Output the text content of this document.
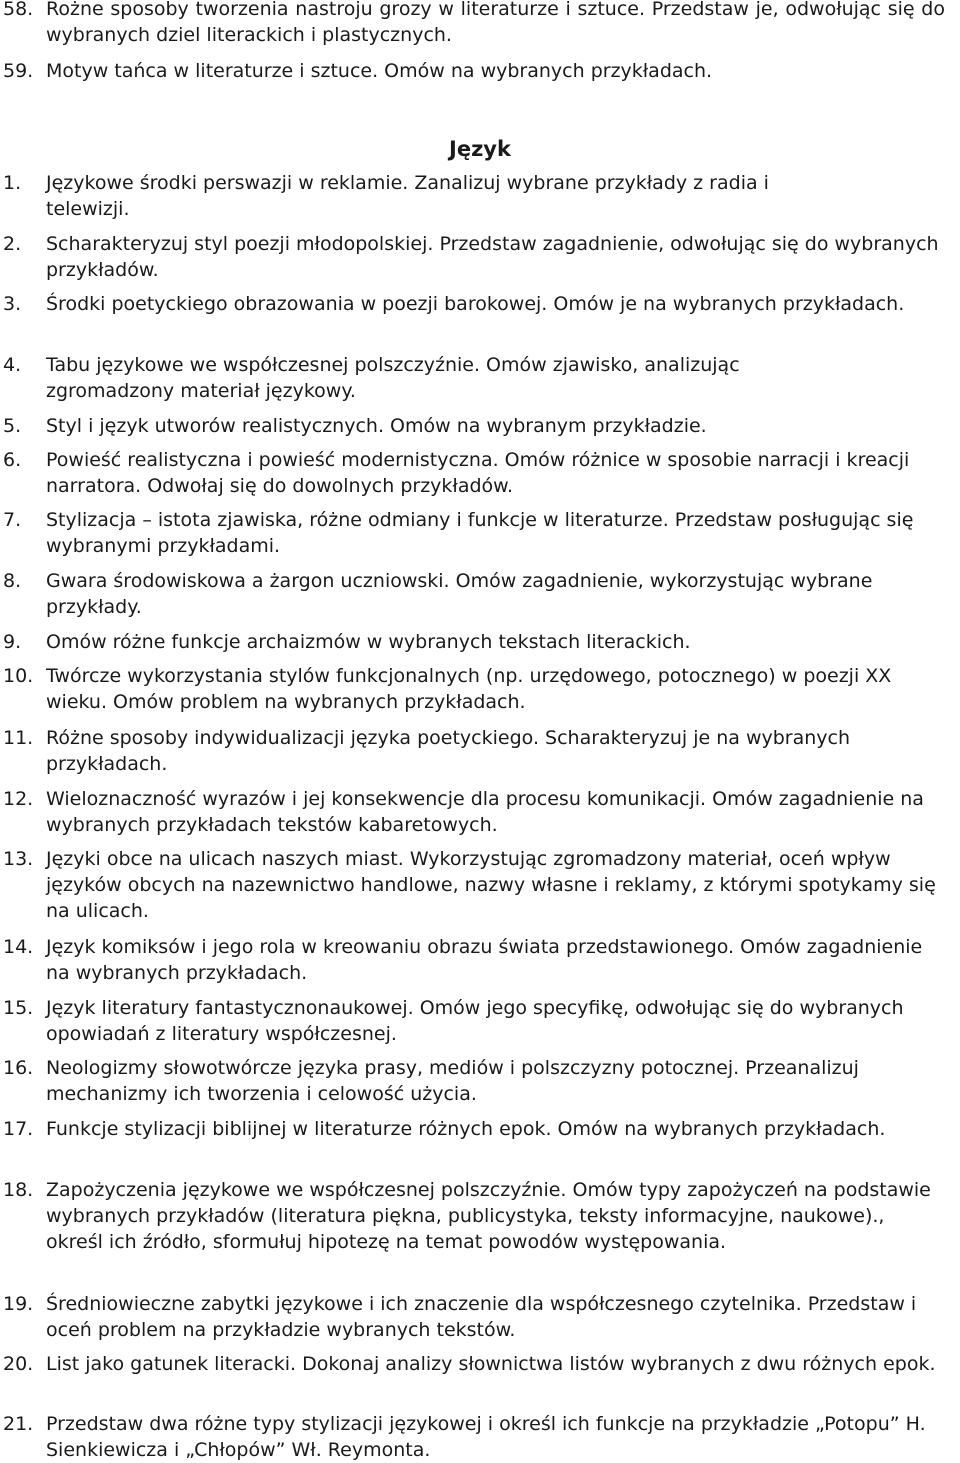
58. Rożne sposoby tworzenia nastroju grozy w literaturze i sztuce. Przedstaw je, odwołując się do wybranych dziel literackich i plastycznych.
59. Motyw tańca w literaturze i sztuce. Omów na wybranych przykładach.
Język
1. Językowe środki perswazji w reklamie. Zanalizuj wybrane przykłady z radia i telewizji.
2. Scharakteryzuj styl poezji młodopolskiej. Przedstaw zagadnienie, odwołując się do wybranych przykładów.
3. Środki poetyckiego obrazowania w poezji barokowej. Omów je na wybranych przykładach.
4. Tabu językowe we współczesnej polszczyźnie. Omów zjawisko, analizując zgromadzony materiał językowy.
5. Styl i język utworów realistycznych. Omów na wybranym przykładzie.
6. Powieść realistyczna i powieść modernistyczna. Omów różnice w sposobie narracji i kreacji narratora. Odwołaj się do dowolnych przykładów.
7. Stylizacja – istota zjawiska, różne odmiany i funkcje w literaturze. Przedstaw posługując się wybranymi przykładami.
8. Gwara środowiskowa a żargon uczniowski. Omów zagadnienie, wykorzystując wybrane przykłady.
9. Omów różne funkcje archaizmów w wybranych tekstach literackich.
10. Twórcze wykorzystania stylów funkcjonalnych (np. urzędowego, potocznego) w poezji XX wieku. Omów problem na wybranych przykładach.
11. Różne sposoby indywidualizacji języka poetyckiego. Scharakteryzuj je na wybranych przykładach.
12. Wieloznaczność wyrazów i jej konsekwencje dla procesu komunikacji. Omów zagadnienie na wybranych przykładach tekstów kabaretowych.
13. Języki obce na ulicach naszych miast. Wykorzystując zgromadzony materiał, oceń wpływ języków obcych na nazewnictwo handlowe, nazwy własne i reklamy, z którymi spotykamy się na ulicach.
14. Język komiksów i jego rola w kreowaniu obrazu świata przedstawionego. Omów zagadnienie na wybranych przykładach.
15. Język literatury fantastycznonaukowej. Omów jego specyfikę, odwołując się do wybranych opowiadań z literatury współczesnej.
16. Neologizmy słowotwórcze języka prasy, mediów i polszczyzny potocznej. Przeanalizuj mechanizmy ich tworzenia i celowość użycia.
17. Funkcje stylizacji biblijnej w literaturze różnych epok. Omów na wybranych przykładach.
18. Zapożyczenia językowe we współczesnej polszczyźnie. Omów typy zapożyczeń na podstawie wybranych przykładów (literatura piękna, publicystyka, teksty informacyjne, naukowe)., określ ich źródło, sformułuj hipotezę na temat powodów występowania.
19. Średniowieczne zabytki językowe i ich znaczenie dla współczesnego czytelnika. Przedstaw i oceń problem na przykładzie wybranych tekstów.
20. List jako gatunek literacki. Dokonaj analizy słownictwa listów wybranych z dwu różnych epok.
21. Przedstaw dwa różne typy stylizacji językowej i określ ich funkcje na przykładzie „Potopu” H. Sienkiewicza i „Chłopów” Wł. Reymonta.
